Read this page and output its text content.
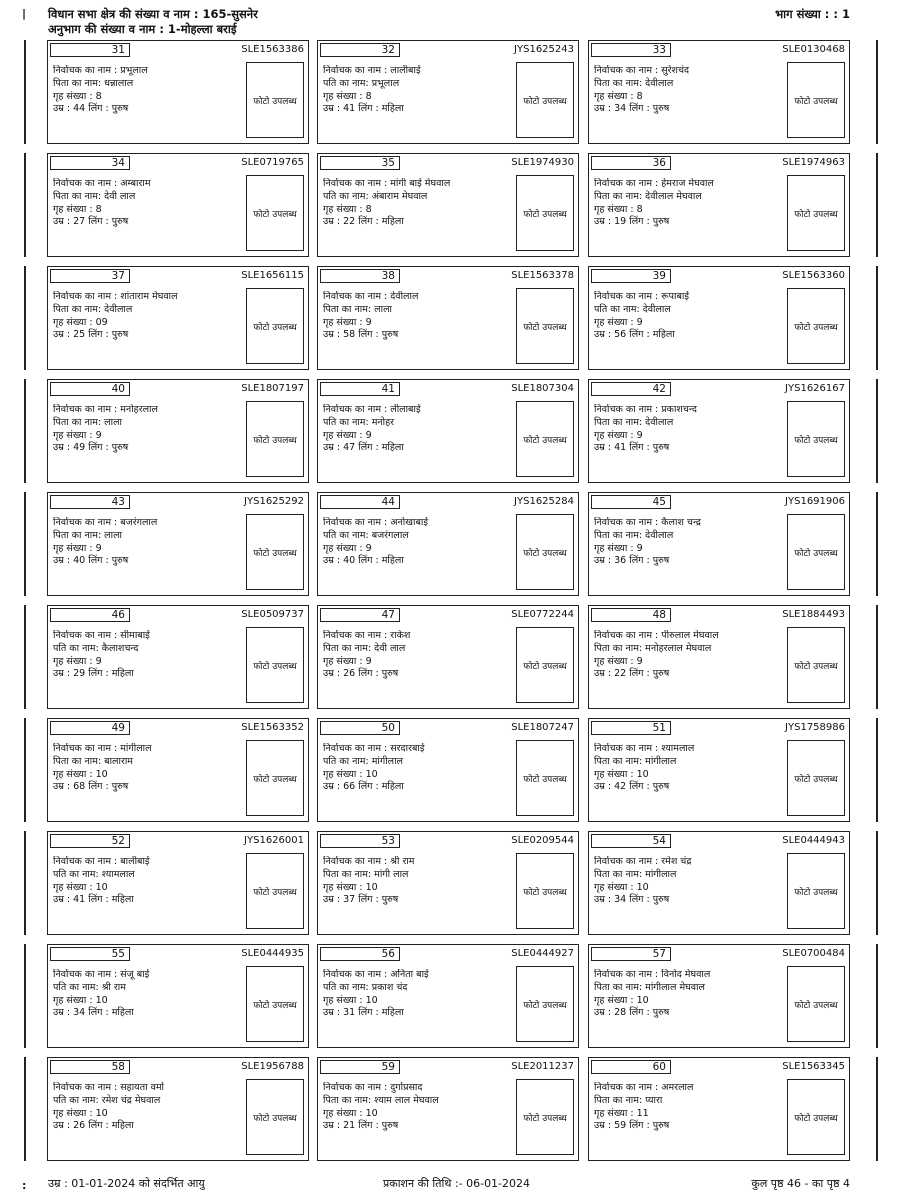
|
:
विधान सभा क्षेत्र की संख्या व नाम : 165-सुसनेर
अनुभाग की संख्या व नाम : 1-मोहल्ला बराई
भाग संख्या : : 1
31	SLE1563386
निर्वाचक का नाम : प्रभूलाल
पिता का नाम: धन्नालाल
गृह संख्या : 8
उम्र : 44 लिंग : पुरुष
फोटो उपलब्ध
32	JYS1625243
निर्वाचक का नाम : लालीबाई
पति का नाम: प्रभूलाल
गृह संख्या : 8
उम्र : 41 लिंग : महिला
फोटो उपलब्ध
33	SLE0130468
निर्वाचक का नाम : सुरेशचंद
पिता का नाम: देवीलाल
गृह संख्या : 8
उम्र : 34 लिंग : पुरुष
फोटो उपलब्ध
34	SLE0719765
निर्वाचक का नाम : अम्बाराम
पिता का नाम: देवी लाल
गृह संख्या : 8
उम्र : 27 लिंग : पुरुष
फोटो उपलब्ध
35	SLE1974930
निर्वाचक का नाम : मांगी बाई मेघवाल
पति का नाम: अंबाराम मेघवाल
गृह संख्या : 8
उम्र : 22 लिंग : महिला
फोटो उपलब्ध
36	SLE1974963
निर्वाचक का नाम : हेमराज मेघवाल
पिता का नाम: देवीलाल मेघवाल
गृह संख्या : 8
उम्र : 19 लिंग : पुरुष
फोटो उपलब्ध
37	SLE1656115
निर्वाचक का नाम : शांताराम मेघवाल
पिता का नाम: देवीलाल
गृह संख्या : 09
उम्र : 25 लिंग : पुरुष
फोटो उपलब्ध
38	SLE1563378
निर्वाचक का नाम : देवीलाल
पिता का नाम: लाला
गृह संख्या : 9
उम्र : 58 लिंग : पुरुष
फोटो उपलब्ध
39	SLE1563360
निर्वाचक का नाम : रूपाबाई
पति का नाम: देवीलाल
गृह संख्या : 9
उम्र : 56 लिंग : महिला
फोटो उपलब्ध
40	SLE1807197
निर्वाचक का नाम : मनोहरलाल
पिता का नाम: लाला
गृह संख्या : 9
उम्र : 49 लिंग : पुरुष
फोटो उपलब्ध
41	SLE1807304
निर्वाचक का नाम : लीलाबाई
पति का नाम: मनोहर
गृह संख्या : 9
उम्र : 47 लिंग : महिला
फोटो उपलब्ध
42	JYS1626167
निर्वाचक का नाम : प्रकाशचन्द
पिता का नाम: देवीलाल
गृह संख्या : 9
उम्र : 41 लिंग : पुरुष
फोटो उपलब्ध
43	JYS1625292
निर्वाचक का नाम : बजरंगलाल
पिता का नाम: लाला
गृह संख्या : 9
उम्र : 40 लिंग : पुरुष
फोटो उपलब्ध
44	JYS1625284
निर्वाचक का नाम : अनोखाबाई
पति का नाम: बजरंगलाल
गृह संख्या : 9
उम्र : 40 लिंग : महिला
फोटो उपलब्ध
45	JYS1691906
निर्वाचक का नाम : कैलाश चन्द्र
पिता का नाम: देवीलाल
गृह संख्या : 9
उम्र : 36 लिंग : पुरुष
फोटो उपलब्ध
46	SLE0509737
निर्वाचक का नाम : सीमाबाई
पति का नाम: कैलाशचन्द
गृह संख्या : 9
उम्र : 29 लिंग : महिला
फोटो उपलब्ध
47	SLE0772244
निर्वाचक का नाम : राकेश
पिता का नाम: देवी लाल
गृह संख्या : 9
उम्र : 26 लिंग : पुरुष
फोटो उपलब्ध
48	SLE1884493
निर्वाचक का नाम : पीरुलाल मेघवाल
पिता का नाम: मनोहरलाल मेघवाल
गृह संख्या : 9
उम्र : 22 लिंग : पुरुष
फोटो उपलब्ध
49	SLE1563352
निर्वाचक का नाम : मांगीलाल
पिता का नाम: बालाराम
गृह संख्या : 10
उम्र : 68 लिंग : पुरुष
फोटो उपलब्ध
50	SLE1807247
निर्वाचक का नाम : सरदारबाई
पति का नाम: मांगीलाल
गृह संख्या : 10
उम्र : 66 लिंग : महिला
फोटो उपलब्ध
51	JYS1758986
निर्वाचक का नाम : श्यामलाल
पिता का नाम: मांगीलाल
गृह संख्या : 10
उम्र : 42 लिंग : पुरुष
फोटो उपलब्ध
52	JYS1626001
निर्वाचक का नाम : बालीबाई
पति का नाम: श्यामलाल
गृह संख्या : 10
उम्र : 41 लिंग : महिला
फोटो उपलब्ध
53	SLE0209544
निर्वाचक का नाम : श्री राम
पिता का नाम: मांगी लाल
गृह संख्या : 10
उम्र : 37 लिंग : पुरुष
फोटो उपलब्ध
54	SLE0444943
निर्वाचक का नाम : रमेश चंद्र
पिता का नाम: मांगीलाल
गृह संख्या : 10
उम्र : 34 लिंग : पुरुष
फोटो उपलब्ध
55	SLE0444935
निर्वाचक का नाम : संजू बाई
पति का नाम: श्री राम
गृह संख्या : 10
उम्र : 34 लिंग : महिला
फोटो उपलब्ध
56	SLE0444927
निर्वाचक का नाम : अनिता बाई
पति का नाम: प्रकाश चंद
गृह संख्या : 10
उम्र : 31 लिंग : महिला
फोटो उपलब्ध
57	SLE0700484
निर्वाचक का नाम : विनोद मेघवाल
पिता का नाम: मांगीलाल मेघवाल
गृह संख्या : 10
उम्र : 28 लिंग : पुरुष
फोटो उपलब्ध
58	SLE1956788
निर्वाचक का नाम : सहायता वर्मा
पति का नाम: रमेश चंद्र मेघवाल
गृह संख्या : 10
उम्र : 26 लिंग : महिला
फोटो उपलब्ध
59	SLE2011237
निर्वाचक का नाम : दुर्गाप्रसाद
पिता का नाम: श्याम लाल मेघवाल
गृह संख्या : 10
उम्र : 21 लिंग : पुरुष
फोटो उपलब्ध
60	SLE1563345
निर्वाचक का नाम : अमरलाल
पिता का नाम: प्यारा
गृह संख्या : 11
उम्र : 59 लिंग : पुरुष
फोटो उपलब्ध
उम्र : 01-01-2024 को संदर्भित आयु	प्रकाशन की तिथि :- 06-01-2024	कुल पृष्ठ 46 - का पृष्ठ 4
